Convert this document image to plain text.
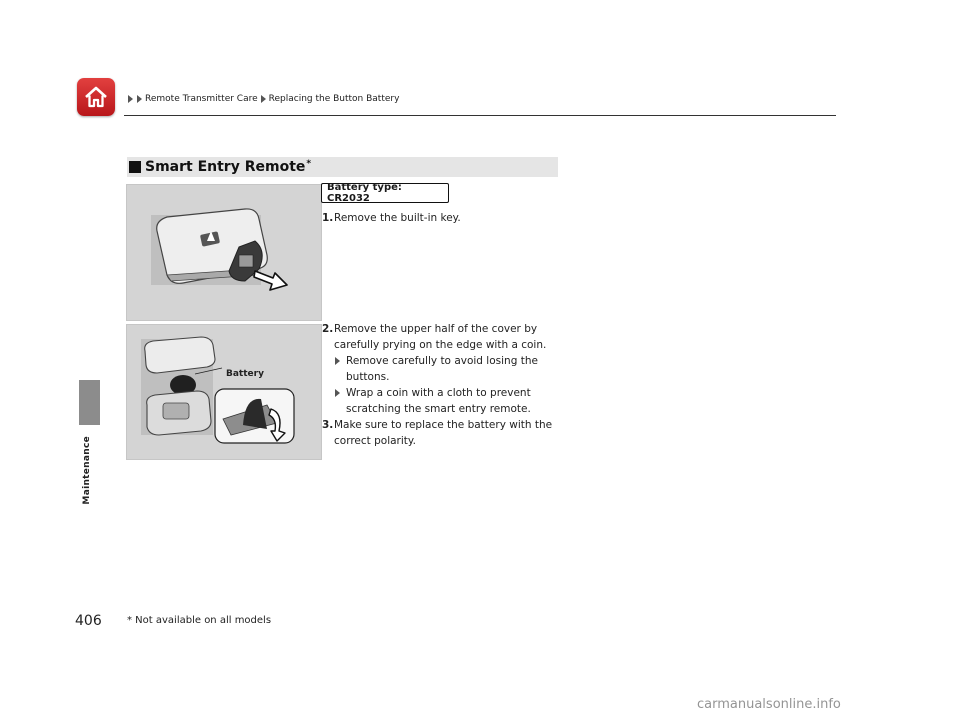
Remote Transmitter Care Replacing the Button Battery
Maintenance
Smart Entry Remote*
Battery
Battery type: CR2032
1. Remove the built-in key.
2. Remove the upper half of the cover by carefully prying on the edge with a coin.
Remove carefully to avoid losing the buttons.
Wrap a coin with a cloth to prevent scratching the smart entry remote.
3. Make sure to replace the battery with the correct polarity.
406	* Not available on all models
carmanualsonline.info
